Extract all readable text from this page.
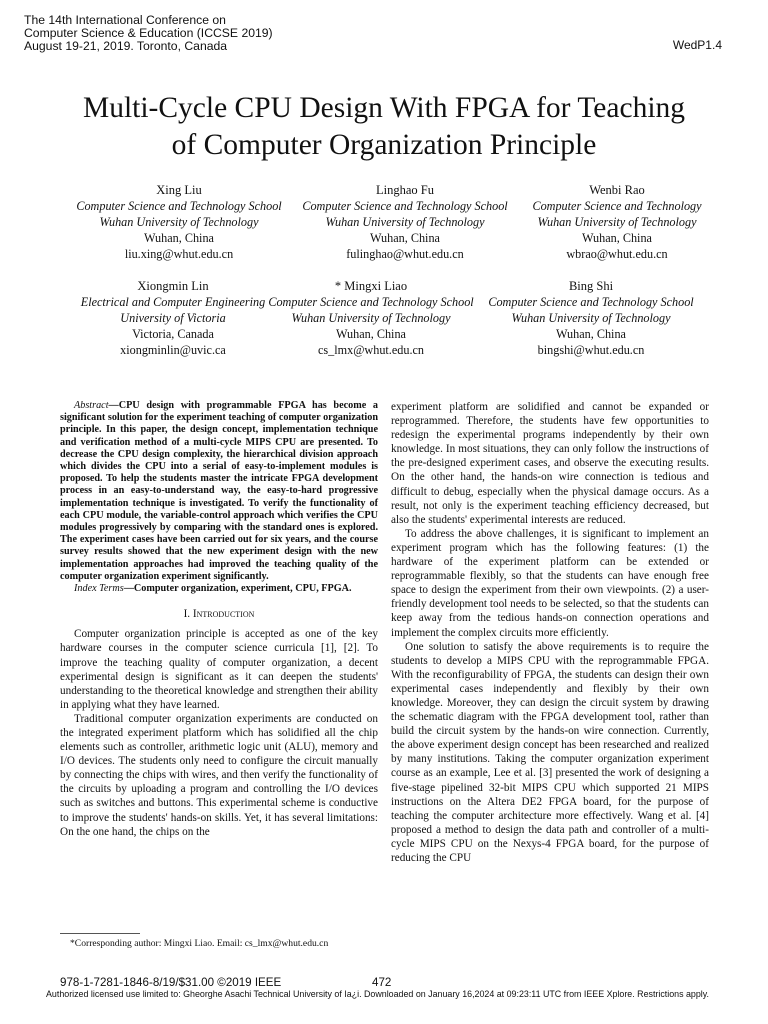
The 14th International Conference on
Computer Science & Education (ICCSE 2019)
August 19-21, 2019. Toronto, Canada	WedP1.4
Multi-Cycle CPU Design With FPGA for Teaching
of Computer Organization Principle
Xing Liu
Computer Science and Technology School
Wuhan University of Technology
Wuhan, China
liu.xing@whut.edu.cn
Linghao Fu
Computer Science and Technology School
Wuhan University of Technology
Wuhan, China
fulinghao@whut.edu.cn
Wenbi Rao
Computer Science and Technology
Wuhan University of Technology
Wuhan, China
wbrao@whut.edu.cn
Xiongmin Lin
Electrical and Computer Engineering
University of Victoria
Victoria, Canada
xiongminlin@uvic.ca
* Mingxi Liao
Computer Science and Technology School
Wuhan University of Technology
Wuhan, China
cs_lmx@whut.edu.cn
Bing Shi
Computer Science and Technology School
Wuhan University of Technology
Wuhan, China
bingshi@whut.edu.cn

Abstract—CPU design with programmable FPGA has become a significant solution for the experiment teaching of computer organization principle. In this paper, the design concept, implementation technique and verification method of a multi-cycle MIPS CPU are presented. To decrease the CPU design complexity, the hierarchical division approach which divides the CPU into a serial of easy-to-implement modules is proposed. To help the students master the intricate FPGA development process in an easy-to-understand way, the easy-to-hard progressive implementation technique is investigated. To verify the functionality of each CPU module, the variable-control approach which verifies the CPU modules progressively by comparing with the standard ones is explored. The experiment cases have been carried out for six years, and the course survey results showed that the new experiment design with the new implementation approaches had improved the teaching quality of the computer organization experiment significantly.

Index Terms—Computer organization, experiment, CPU, FPGA.

I. Introduction

Computer organization principle is accepted as one of the key hardware courses in the computer science curricula [1], [2]. To improve the teaching quality of computer organization, a decent experimental design is significant as it can deepen the students' understanding to the theoretical knowledge and strengthen their ability in applying what they have learned.

Traditional computer organization experiments are conducted on the integrated experiment platform which has solidified all the chip elements such as controller, arithmetic logic unit (ALU), memory and I/O devices. The students only need to configure the circuit manually by connecting the chips with wires, and then verify the functionality of the circuits by uploading a program and controlling the I/O devices such as switches and buttons. This experimental scheme is conductive to improve the students' hands-on skills. Yet, it has several limitations: On the one hand, the chips on the

experiment platform are solidified and cannot be expanded or reprogrammed. Therefore, the students have few opportunities to redesign the experimental programs independently by their own knowledge. In most situations, they can only follow the instructions of the pre-designed experiment cases, and observe the executing results. On the other hand, the hands-on wire connection is tedious and difficult to debug, especially when the physical damage occurs. As a result, not only is the experiment teaching efficiency decreased, but also the students' experimental interests are reduced.

To address the above challenges, it is significant to implement an experiment program which has the following features: (1) the hardware of the experiment platform can be extended or reprogrammable flexibly, so that the students can have enough free space to design the experiment from their own viewpoints. (2) a user-friendly development tool needs to be selected, so that the students can keep away from the tedious hands-on connection operations and implement the complex circuits more efficiently.

One solution to satisfy the above requirements is to require the students to develop a MIPS CPU with the reprogrammable FPGA. With the reconfigurability of FPGA, the students can design their own experimental cases independently and flexibly by their own knowledge. Moreover, they can design the circuit system by drawing the schematic diagram with the FPGA development tool, rather than build the circuit system by the hands-on wire connection. Currently, the above experiment design concept has been researched and realized by many institutions. Taking the computer organization experiment course as an example, Lee et al. [3] presented the work of designing a five-stage pipelined 32-bit MIPS CPU which supported 21 MIPS instructions on the Altera DE2 FPGA board, for the purpose of teaching the computer architecture more effectively. Wang et al. [4] proposed a method to design the data path and controller of a multi-cycle MIPS CPU on the Nexys-4 FPGA board, for the purpose of reducing the CPU

*Corresponding author: Mingxi Liao. Email: cs_lmx@whut.edu.cn
978-1-7281-1846-8/19/$31.00 ©2019 IEEE	472
Authorized licensed use limited to: Gheorghe Asachi Technical University of Ia¿i. Downloaded on January 16,2024 at 09:23:11 UTC from IEEE Xplore. Restrictions apply.
